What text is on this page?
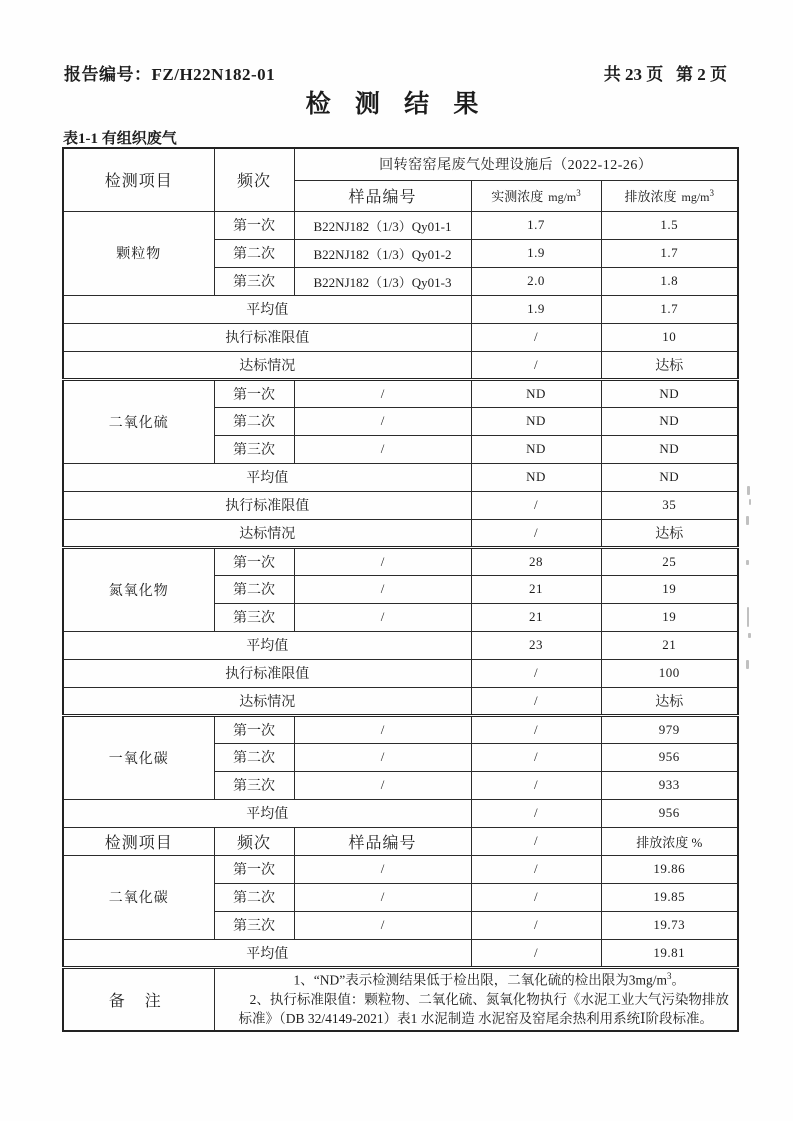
报告编号：FZ/H22N182-01	共 23 页   第 2 页
检 测 结 果
表1-1 有组织废气
检测项目	频次	回转窑窑尾废气处理设施后（2022-12-26）		
		样品编号	实测浓度 $mg/m^3$	排放浓度 $mg/m^3$
颗粒物	第一次	B22NJ182（1/3）Qy01-1	1.7	1.5
	第二次	B22NJ182（1/3）Qy01-2	1.9	1.7
	第三次	B22NJ182（1/3）Qy01-3	2.0	1.8
平均值			1.9	1.7
执行标准限值			/	10
达标情况			/	达标
二氧化硫	第一次	/	ND	ND
	第二次	/	ND	ND
	第三次	/	ND	ND
平均值			ND	ND
执行标准限值			/	35
达标情况			/	达标
氮氧化物	第一次	/	28	25
	第二次	/	21	19
	第三次	/	21	19
平均值			23	21
执行标准限值			/	100
达标情况			/	达标
一氧化碳	第一次	/	/	979
	第二次	/	/	956
	第三次	/	/	933
平均值			/	956
检测项目	频次	样品编号	/	排放浓度 %
二氧化碳	第一次	/	/	19.86
	第二次	/	/	19.85
	第三次	/	/	19.73
平均值			/	19.81
备 注	1、“ND”表示检测结果低于检出限，二氧化硫的检出限为$3mg/m^3$。

2、执行标准限值：颗粒物、二氧化硫、氮氧化物执行《水泥工业大气污染物排放标准》（DB 32/4149-2021）表1 水泥制造 水泥窑及窑尾余热利用系统Ⅰ阶段标准。			
